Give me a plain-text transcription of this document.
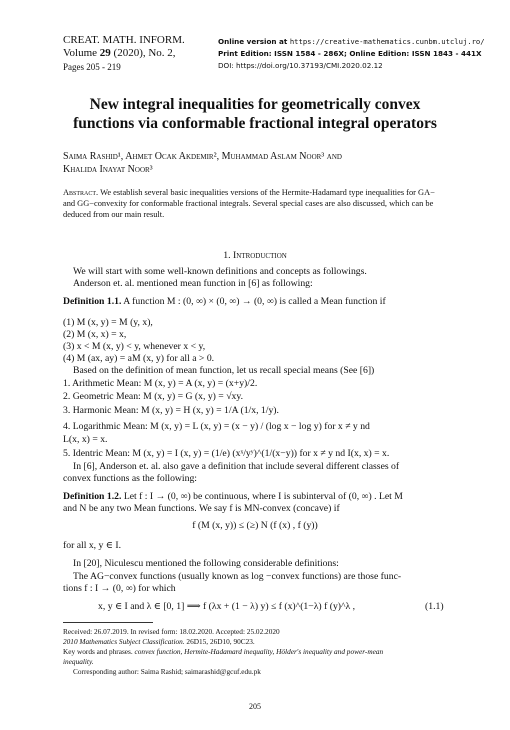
CREAT. MATH. INFORM.
Volume 29 (2020), No. 2,
Pages 205 - 219
Online version at https://creative-mathematics.cunbm.utcluj.ro/
Print Edition: ISSN 1584 - 286X; Online Edition: ISSN 1843 - 441X
DOI: https://doi.org/10.37193/CMI.2020.02.12
New integral inequalities for geometrically convex
functions via conformable fractional integral operators
Saima Rashid¹, Ahmet Ocak Akdemir², Muhammad Aslam Noor³ and
Khalida Inayat Noor³
Abstract. We establish several basic inequalities versions of the Hermite-Hadamard type inequalities for GA− and GG−convexity for conformable fractional integrals. Several special cases are also discussed, which can be deduced from our main result.
1. Introduction
We will start with some well-known definitions and concepts as followings.
Anderson et. al. mentioned mean function in [6] as following:
Definition 1.1. A function M : (0, ∞) × (0, ∞) → (0, ∞) is called a Mean function if
(1) M (x, y) = M (y, x),
(2) M (x, x) = x,
(3) x < M (x, y) < y, whenever x < y,
(4) M (ax, ay) = aM (x, y) for all a > 0.
Based on the definition of mean function, let us recall special means (See [6])
1. Arithmetic Mean: M (x, y) = A (x, y) = (x+y)/2.
2. Geometric Mean: M (x, y) = G (x, y) = √xy.
3. Harmonic Mean: M (x, y) = H (x, y) = 1/A (1/x, 1/y).
4. Logarithmic Mean: M (x, y) = L (x, y) = (x − y) / (log x − log y) for x ≠ y nd
L(x, x) = x.
5. Identric Mean: M (x, y) = I (x, y) = (1/e) (xˣ/yʸ)^(1/(x−y)) for x ≠ y nd I(x, x) = x.
In [6], Anderson et. al. also gave a definition that include several different classes of
convex functions as the following:
Definition 1.2. Let f : I → (0, ∞) be continuous, where I is subinterval of (0, ∞) . Let M
and N be any two Mean functions. We say f is MN-convex (concave) if
f (M (x, y)) ≤ (≥) N (f (x) , f (y))
for all x, y ∈ I.
In [20], Niculescu mentioned the following considerable definitions:
The AG−convex functions (usually known as log −convex functions) are those func-
tions f : I → (0, ∞) for which
x, y ∈ I and λ ∈ [0, 1] ⟹ f (λx + (1 − λ) y) ≤ f (x)^(1−λ) f (y)^λ ,	(1.1)
Received: 26.07.2019. In revised form: 18.02.2020. Accepted: 25.02.2020
2010 Mathematics Subject Classification. 26D15, 26D10, 90C23.
Key words and phrases. convex function, Hermite-Hadamard inequality, Hölder's inequality and power-mean
inequality.
Corresponding author: Saima Rashid; saimarashid@gcuf.edu.pk
205
